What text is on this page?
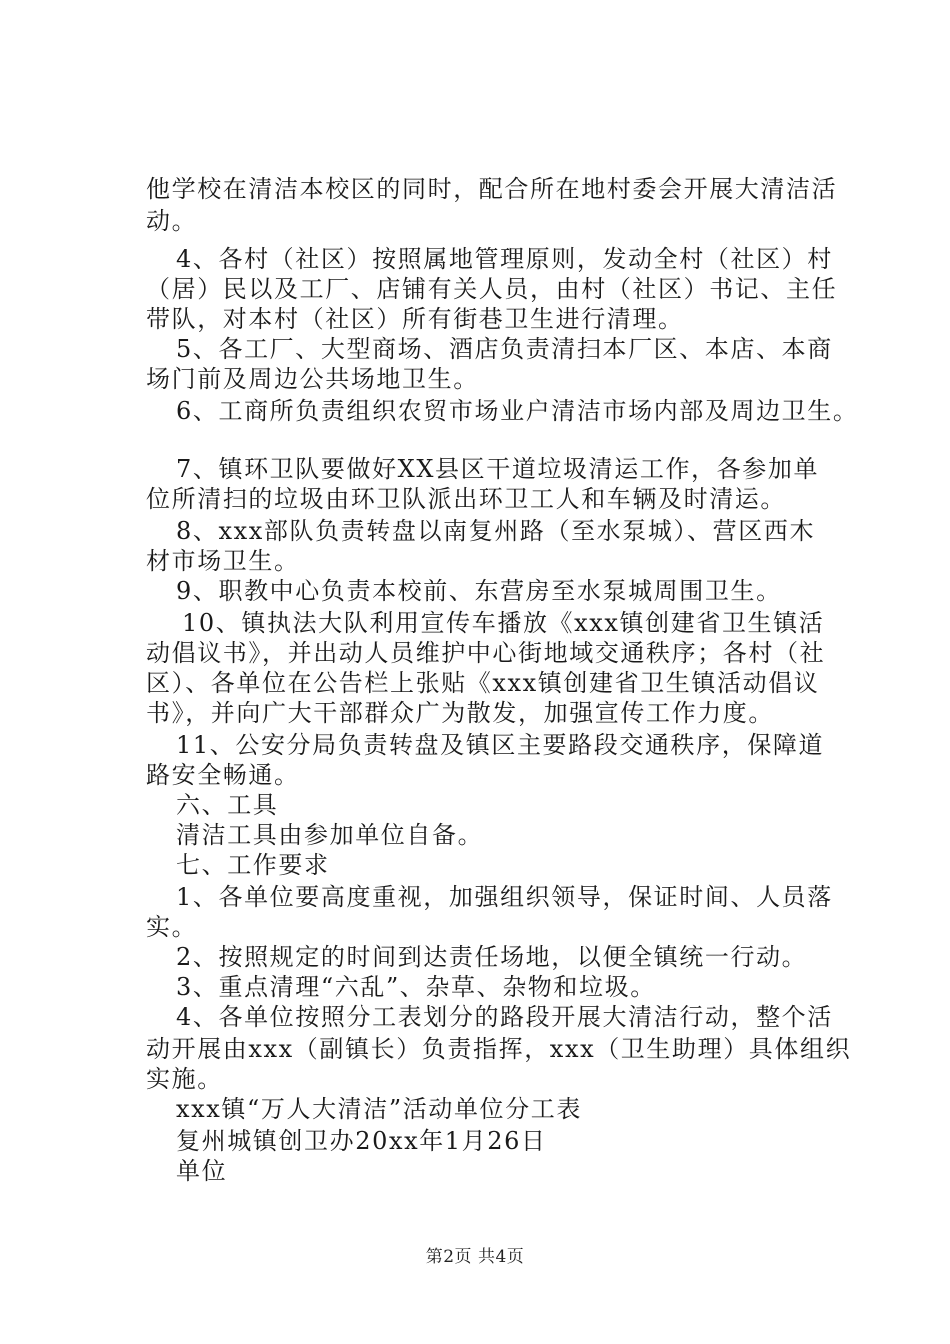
他学校在清洁本校区的同时，配合所在地村委会开展大清洁活
动。
4、各村（社区）按照属地管理原则，发动全村（社区）村
（居）民以及工厂、店铺有关人员，由村（社区）书记、主任
带队，对本村（社区）所有街巷卫生进行清理。
5、各工厂、大型商场、酒店负责清扫本厂区、本店、本商
场门前及周边公共场地卫生。
6、工商所负责组织农贸市场业户清洁市场内部及周边卫生。
7、镇环卫队要做好XX县区干道垃圾清运工作，各参加单
位所清扫的垃圾由环卫队派出环卫工人和车辆及时清运。
8、xxx部队负责转盘以南复州路（至水泵城）、营区西木
材市场卫生。
9、职教中心负责本校前、东营房至水泵城周围卫生。
10、镇执法大队利用宣传车播放《xxx镇创建省卫生镇活
动倡议书》，并出动人员维护中心街地域交通秩序；各村（社
区）、各单位在公告栏上张贴《xxx镇创建省卫生镇活动倡议
书》，并向广大干部群众广为散发，加强宣传工作力度。
11、公安分局负责转盘及镇区主要路段交通秩序，保障道
路安全畅通。
六、工具
清洁工具由参加单位自备。
七、工作要求
1、各单位要高度重视，加强组织领导，保证时间、人员落
实。
2、按照规定的时间到达责任场地，以便全镇统一行动。
3、重点清理“六乱”、杂草、杂物和垃圾。
4、各单位按照分工表划分的路段开展大清洁行动，整个活
动开展由xxx（副镇长）负责指挥，xxx（卫生助理）具体组织
实施。
xxx镇“万人大清洁”活动单位分工表
复州城镇创卫办20xx年1月26日
单位
第2页 共4页
